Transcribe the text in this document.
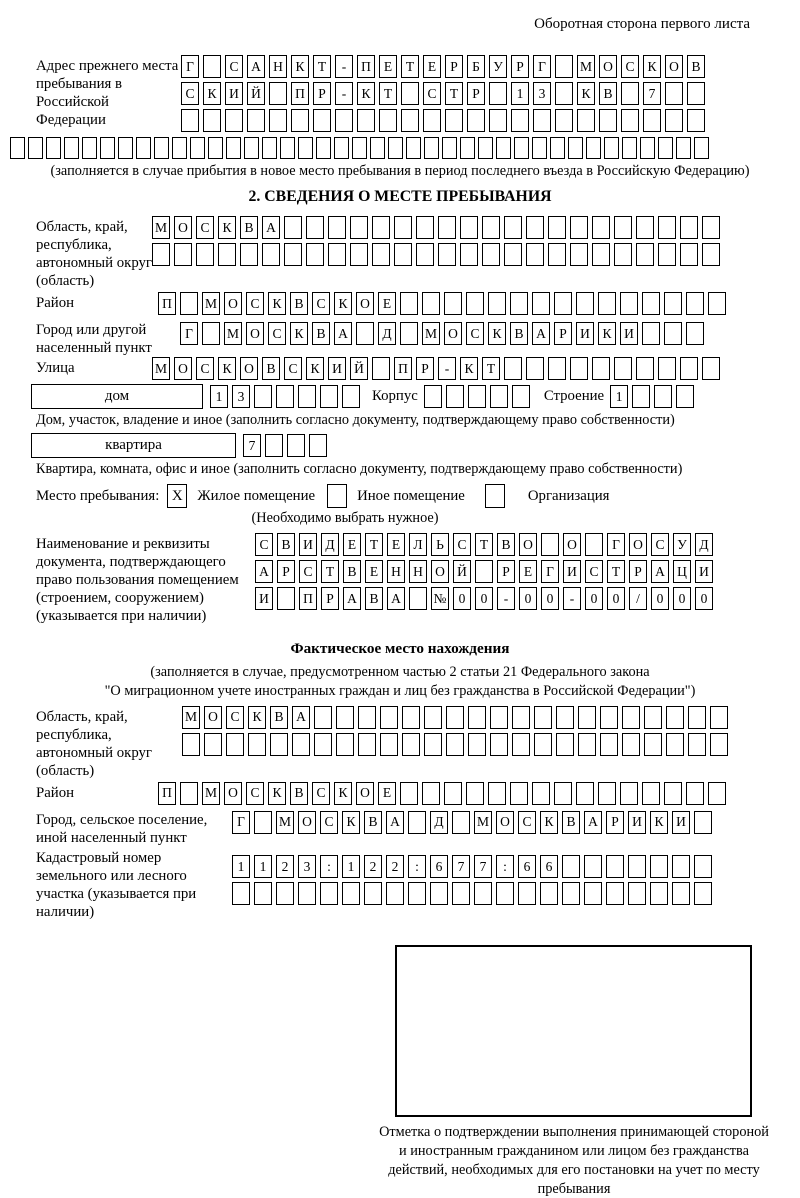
Оборотная сторона первого листа
Адрес прежнего места пребывания в Российской Федерации
Г	С А Н К Т	-	П Е	Т	Е	Р	Б У Р	Г	М О С К О В
С К И Й	П Р	-	К Т	С Т	Р	1	3	К В	7
(заполняется в случае прибытия в новое место пребывания в период последнего въезда в Российскую Федерацию)
2. СВЕДЕНИЯ О МЕСТЕ ПРЕБЫВАНИЯ
Область, край, республика, автономный округ (область)
М О С К В А
Район	П	М О С К В С К О Е
Город или другой населенный пункт
Г	М О С К В А	Д	М О С К В А Р И К И
Улица	М О С К О В С К И Й	П Р	-	К Т
дом	1	3	Корпус	Строение 1
Дом, участок, владение и иное (заполнить согласно документу, подтверждающему право собственности)
квартира	7
Квартира, комната, офис и иное (заполнить согласно документу, подтверждающему право собственности)
Место пребывания: X Жилое помещение	Иное помещение	Организация
(Необходимо выбрать нужное)
Наименование и реквизиты документа, подтверждающего право пользования помещением (строением, сооружением) (указывается при наличии)
С В И Д Е	Т	Е Л	Ь	С Т В О	О	Г О С У Д
А Р	С Т В Е Н Н О Й	Р	Е	Г И С Т	Р А Ц И
И	П Р А В А	№ 0	0	-	0	0	-	0	0	/	0	0	0
Фактическое место нахождения
(заполняется в случае, предусмотренном частью 2 статьи 21 Федерального закона
"О миграционном учете иностранных граждан и лиц без гражданства в Российской Федерации")
Область, край, республика, автономный округ (область)
М О С К В А
Район	П	М О С К В С К О Е
Город, сельское поселение, иной населенный пункт
Г	М О С К В А	Д	М О С К В А Р И К И
Кадастровый номер земельного или лесного участка (указывается при наличии)
1	1	2	3	:	1	2	2	:	6	7	7	:	6	6
Отметка о подтверждении выполнения принимающей стороной и иностранным гражданином или лицом без гражданства действий, необходимых для его постановки на учет по месту пребывания
